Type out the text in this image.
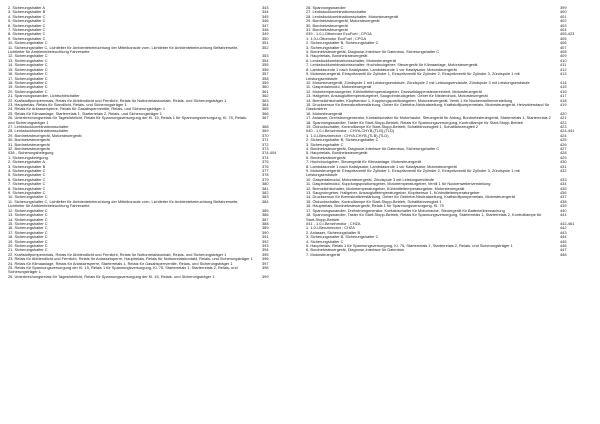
2. Sicherungshalter A	343
3. Sicherungshalter B	344
4. Sicherungshalter C	345
5. Sicherungshalter C	346
6. Sicherungshalter C	347
7. Sicherungshalter C	348
8. Sicherungshalter C	349
9. Sicherungshalter C	350
10. Sicherungshalter C	351
11. Sicherungshalter C, Lichtleiter für Ambientebeleuchtung der Mittelkonsole vorn, Lichtleiter für Ambientebeleuchtung Beifahrerseite, Lichtleiter für Ambientebeleuchtung Fahrerseite
352
12. Sicherungshalter C	353
13. Sicherungshalter C	354
14. Sicherungshalter C	355
15. Sicherungshalter C	356
16. Sicherungshalter C	357
17. Sicherungshalter C	358
18. Sicherungshalter C	359
19. Sicherungshalter C	360
20. Sicherungshalter C	361
21. Spannungswandler, Lichtschleichalter	362
22. Kraftstoffpumpenrelais, Relais für Abblendlicht und Fernlicht, Relais für Nottonrelaiskontakt, Relais- und Sicherungsträger 1	363
23. Hauptrelais, Relais für Standlicht, Relais- und Sicherungsträger 1	364
24. Relais für Anlassersperre, Relais für Gasabsperrventile, Relais- und Sicherungsträger 1	365
25. Relais für Klimaanlage, Starterrelais 1, Starterrelais 2, Relais- und Sicherungsträger 1	366
26. Unterbrechungsrelais für Tagesfahrlicht, Relais für Spannungsversorgung der Kl. 15, Relais 1 für Spannungsversorgung, Kl. 75, Relais- und Sicherungsträger 1
367
27. Lenkstockkombinationsschalter	368
28. Lenkstockkombinationsschalter	369
29. Bordnetzsteuergerät, Motorsteuergerät	370
30. Bordnetzsteuergerät	371
31. Bordnetzsteuergerät	372
32. Bordnetzsteuergerät	373
038 - Sicherungsbelegung	374-404
1. Sicherungsbelegung	374
2. Sicherungshalter A	375
3. Sicherungshalter B	376
4. Sicherungshalter C	377
5. Sicherungshalter C	378
6. Sicherungshalter C	379
7. Sicherungshalter C	380
8. Sicherungshalter C	381
9. Sicherungshalter C	382
10. Sicherungshalter C	383
11. Sicherungshalter C, Lichtleiter für Ambientebeleuchtung der Mittelkonsole vorn, Lichtleiter für Ambientebeleuchtung Beifahrerseite, Lichtleiter für Ambientebeleuchtung Fahrerseite
384
12. Sicherungshalter C	385
13. Sicherungshalter C	386
14. Sicherungshalter C	387
15. Sicherungshalter C	388
16. Sicherungshalter C	389
17. Sicherungshalter C	390
18. Sicherungshalter C	391
19. Sicherungshalter C	392
20. Sicherungshalter C	393
21. Sicherungshalter C	394
22. Kraftstoffpumpenrelais, Relais für Abblendlicht und Fernlicht, Relais für Nottonrelaiskontakt, Relais- und Sicherungsträger 1	395
23. Relais für Abblendlicht und Fernlicht, Relais für Anlassersperre, Hauptrelais, Relais für Nottonrelaiskontakt, Relais- und Sicherungsträger 1	396
24. Relais für Klimaanlage, Relais für Anlassersperre, Starterrelais 1, Relais für Gasabsperrventile, Relais- und Sicherungsträger 1	397
25. Relais für Spannungsversorgung der Kl. 15, Relais 1 für Spannungsversorgung, Kl. 75, Starterrelais 1, Starterrelais 2, Relais- und Sicherungsträger 1
398
26. Unterbrechungsrelais für Tagesfahrlicht, Relais für Spannungsversorgung der Kl. 15, Relais- und Sicherungsträger 1	399
26. Spannungswandler	399
27. Lenkstockkombinationsschalter	400
28. Lenkstockkombinationsschalter, Motorsteuergerät	401
29. Bordnetzsteuergerät, Motorsteuergerät	402
30. Bordnetzsteuergerät	403
31. Bordnetzsteuergerät	404
039 - 1.0-l-Ottomotor EcoFuel ; CPGA	405-423
1. 1.0-l-Ottomotor EcoFuel ; CPGA	405
2. Sicherungshalter B, Sicherungshalter C	406
3. Sicherungshalter C	407
4. Bordnetzsteuergerät, Diagnose-Interface für Datenbus, Sicherungshalter C	408
5. Hauptrelais, Bordnetzsteuergerät	409
6. Lenkstockkombinationsschalter, Motorsteuergerät	410
7. Lenkstockkombinationsschalter: Hochdruckgeber; Steuergerät für Klimaanlage, Motorsteuergerät	411
8. Lambdasonde 1 nach Katalysator, Lambdasonde 1 vor Katalysator, Motorsteuergerät	412
9. Motorsteuergerät, Einspritzventil für Zylinder 1, Einspritzventil für Zylinder 2, Einspritzventil für Zylinder 3, Zündspule 1 mit Leistungsendstufe
413
10. Motorsteuergerät, Zündspule 1 mit Leistungsendstufe, Zündspule 2 mit Leistungsendstufe, Zündspule 3 mit Leistungsendstufe	414
11. Gaspedalmodul, Motorsteuergerät	415
12. Motortemperaturgeber, Kühlmitteltemperaturgeber, Drosselklappensteuereinheit, Motorsteuergerät	416
13. Hallgeber, Ansauglufttemperaturgeber, Saugrohrdruckgeber, Geber für Niederdruck, Motorsteuergerät	417
14. Bremslichtschalter, Klopfsensor 1, Kupplungspositionsgeber, Motorsteuergerät, Ventil 1 für Nockenwellenverstellung	418
15. Drucksensor für Bremskraftverstärkung, Geber für Getriebe-Neutralstellung, Kraftstoffpumpenrelais, Motorsteuergerät, Heizwiderstand für Gasdosierer
419
16. Motorsteuergerät	420
17. Anlasser, Drehstromgenerator, Kontaktschalter für Motorhaube, Steuergerät für Airbag, Bordnetzsteuergerät, Starterrelais 1, Starterrelais 2	421
18. Spannungswandler, Taster für Start-Stopp-Betrieb, Relais für Spannungsversorgung, Kontrolllampe für Start-Stopp-Betrieb	422
19. Öldruckschalter, Kontrolllampe für Start-Stopp-Betrieb, Schaltfahrzeugteil 1, Schaltfahrzeugteil 2	423
040 - 1.0-l-Benzinmotor ; CHYA,CHYB,(TLB),(TLD)	424-441
1. 1.0-l-Benzinmotor ; CHYA,CHYB,(TLB),(TLD)	424
2. Sicherungshalter B, Sicherungshalter C	425
3. Sicherungshalter C	426
4. Bordnetzsteuergerät, Diagnose-Interface für Datenbus, Sicherungshalter C	427
5. Hauptrelais, Bordnetzsteuergerät	428
6. Bordnetzsteuergerät	429
7. Hochdruckgeber, Steuergerät für Klimaanlage, Motorsteuergerät	430
8. Lambdasonde 1 nach Katalysator, Lambdasonde 1 vor Katalysator, Motorsteuergerät	431
9. Motorsteuergerät, Einspritzventil für Zylinder 1, Einspritzventil für Zylinder 2, Einspritzventil für Zylinder 3, Zündspule 1 mit Leistungsendstufe
432
10. Gaspedalmodul, Motorsteuergerät, Zündspule 3 mit Leistungsendstufe	433
11. Gaspedalmodul, Kupplungspositionsgeber, Motortemperaturgeber, Ventil 1 für Nockenwellenverstellung	434
12. Bremslichtschalter, Motortemperaturgeber, Kühlmitteltemperaturgeber, Motorsteuergerät	435
13. Saugrohrgeber, Hallgeber, Ansauglufttemperaturgeber, Klopfsensor 1, Kühlmitteltemperaturgeber	436
14. Drucksensor für Bremskraftverstärkung, Geber für Getriebe-Neutralstellung, Kraftstoffpumpenrelais, Motorsteuergerät	437
15. Öldruckschalter, Kontrolllampe für Start-Stopp-Betrieb, Schaltfahrzeugteil 1	438
16. Hauptrelais, Bordnetzsteuergerät, Relais 1 für Spannungsversorgung, Kl. 75	439
17. Spannungswandler, Drehstromgenerator, Kontaktschalter für Motorhaube, Steuergerät für Batterieüberwachung	440
18. Spannungswandler, Taster für Start-Stopp-Betrieb, Relais für Spannungsversorgung, Starterrelais 1, Starterrelais 2, Kontrolllampe für Start-Stopp-Betrieb
441
041 - 1.0-l-Benzinmotor ; CHZA	442-461
1. 1.0-l-Benzinmotor ; CHZA	442
2. Anlasser, Sicherungshalter B	443
3. Sicherungshalter B, Sicherungshalter C	444
4. Sicherungshalter C	445
5. Hauptrelais, Relais 1 für Spannungsversorgung, Kl. 75, Starterrelais 1, Starterrelais 2, Relais- und Sicherungsträger 1	446
6. Bordnetzsteuergerät, Diagnose-Interface für Datenbus	447
7. Motorsteuergerät	448
